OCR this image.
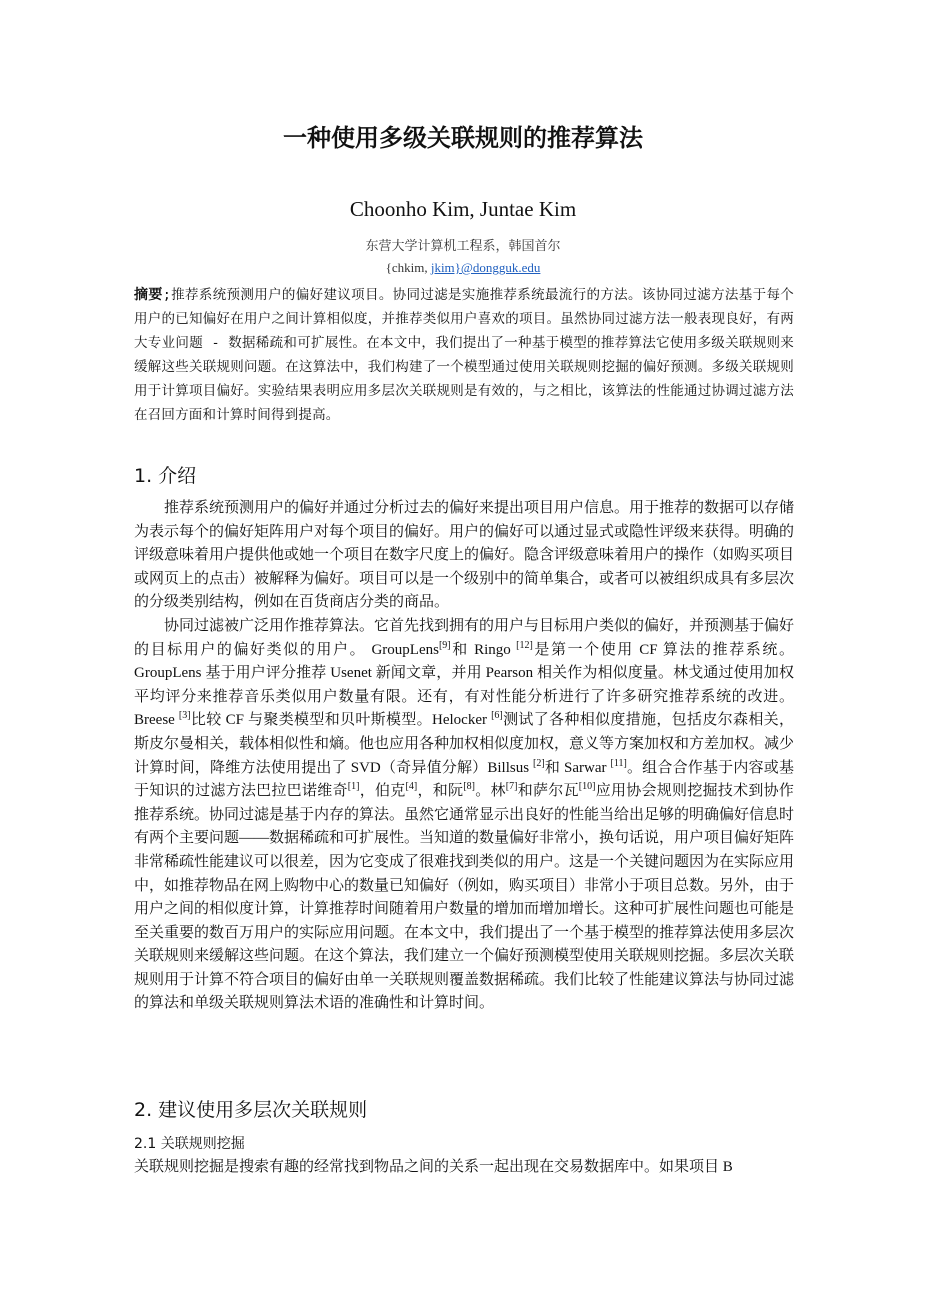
一种使用多级关联规则的推荐算法
Choonho Kim, Juntae Kim
东营大学计算机工程系，韩国首尔
{chkim, jkim}@dongguk.edu
摘要;推荐系统预测用户的偏好建议项目。协同过滤是实施推荐系统最流行的方法。该协同过滤方法基于每个用户的已知偏好在用户之间计算相似度，并推荐类似用户喜欢的项目。虽然协同过滤方法一般表现良好，有两大专业问题 - 数据稀疏和可扩展性。在本文中，我们提出了一种基于模型的推荐算法它使用多级关联规则来缓解这些关联规则问题。在这算法中，我们构建了一个模型通过使用关联规则挖掘的偏好预测。多级关联规则用于计算项目偏好。实验结果表明应用多层次关联规则是有效的，与之相比，该算法的性能通过协调过滤方法在召回方面和计算时间得到提高。
1. 介绍

推荐系统预测用户的偏好并通过分析过去的偏好来提出项目用户信息。用于推荐的数据可以存储为表示每个的偏好矩阵用户对每个项目的偏好。用户的偏好可以通过显式或隐性评级来获得。明确的评级意味着用户提供他或她一个项目在数字尺度上的偏好。隐含评级意味着用户的操作（如购买项目或网页上的点击）被解释为偏好。项目可以是一个级别中的简单集合，或者可以被组织成具有多层次的分级类别结构，例如在百货商店分类的商品。

协同过滤被广泛用作推荐算法。它首先找到拥有的用户与目标用户类似的偏好，并预测基于偏好的目标用户的偏好类似的用户。 GroupLens[9]和 Ringo [12]是第一个使用 CF 算法的推荐系统。GroupLens 基于用户评分推荐 Usenet 新闻文章，并用 Pearson 相关作为相似度量。林戈通过使用加权平均评分来推荐音乐类似用户数量有限。还有，有对性能分析进行了许多研究推荐系统的改进。 Breese [3]比较 CF 与聚类模型和贝叶斯模型。Helocker [6]测试了各种相似度措施，包括皮尔森相关，斯皮尔曼相关，载体相似性和熵。他也应用各种加权相似度加权，意义等方案加权和方差加权。减少计算时间，降维方法使用提出了 SVD（奇异值分解）Billsus [2]和 Sarwar [11]。组合合作基于内容或基于知识的过滤方法巴拉巴诺维奇[1]，伯克[4]，和阮[8]。林[7]和萨尔瓦[10]应用协会规则挖掘技术到协作推荐系统。协同过滤是基于内存的算法。虽然它通常显示出良好的性能当给出足够的明确偏好信息时有两个主要问题——数据稀疏和可扩展性。当知道的数量偏好非常小，换句话说，用户项目偏好矩阵非常稀疏性能建议可以很差，因为它变成了很难找到类似的用户。这是一个关键问题因为在实际应用中，如推荐物品在网上购物中心的数量已知偏好（例如，购买项目）非常小于项目总数。另外，由于用户之间的相似度计算，计算推荐时间随着用户数量的增加而增加增长。这种可扩展性问题也可能是至关重要的数百万用户的实际应用问题。在本文中，我们提出了一个基于模型的推荐算法使用多层次关联规则来缓解这些问题。在这个算法，我们建立一个偏好预测模型使用关联规则挖掘。多层次关联规则用于计算不符合项目的偏好由单一关联规则覆盖数据稀疏。我们比较了性能建议算法与协同过滤的算法和单级关联规则算法术语的准确性和计算时间。

2. 建议使用多层次关联规则
2.1 关联规则挖掘

关联规则挖掘是搜索有趣的经常找到物品之间的关系一起出现在交易数据库中。如果项目 B
